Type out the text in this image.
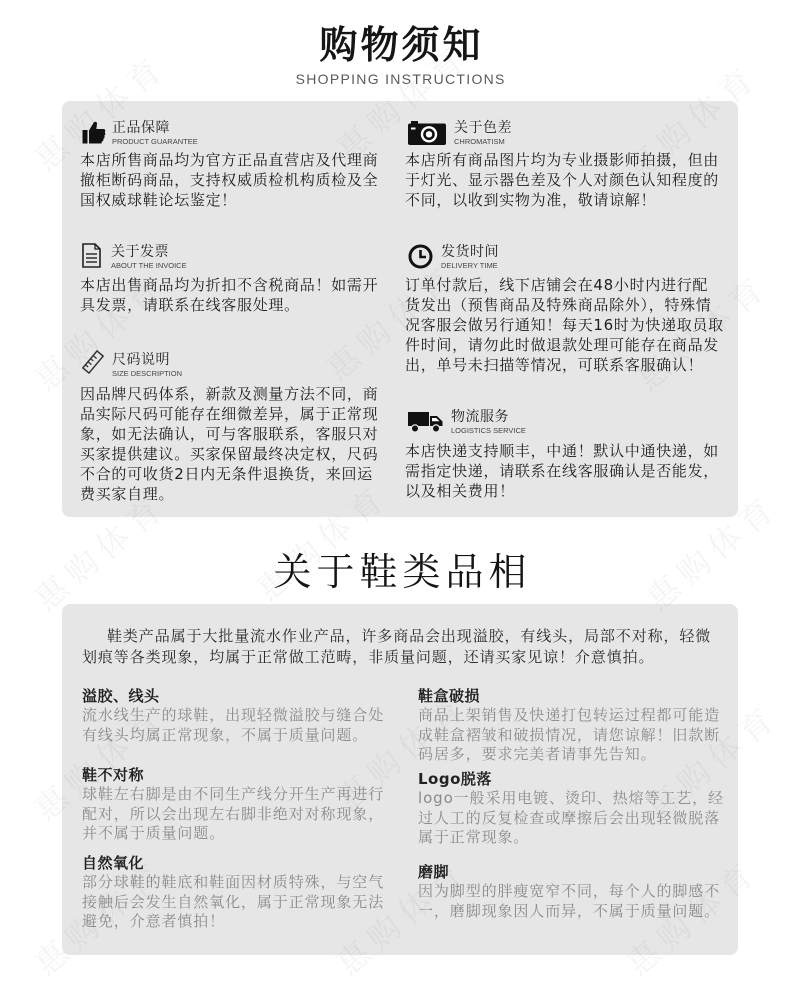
购物须知
SHOPPING INSTRUCTIONS
正品保障
PRODUCT GUARANTEE
本店所售商品均为官方正品直营店及代理商
撤柜断码商品，支持权威质检机构质检及全
国权威球鞋论坛鉴定！
关于色差
CHROMATISM
本店所有商品图片均为专业摄影师拍摄，但由
于灯光、显示器色差及个人对颜色认知程度的
不同，以收到实物为准，敬请谅解！
关于发票
ABOUT THE INVOICE
本店出售商品均为折扣不含税商品！如需开
具发票，请联系在线客服处理。
发货时间
DELIVERY TIME
订单付款后，线下店铺会在48小时内进行配
货发出（预售商品及特殊商品除外），特殊情
况客服会做另行通知！每天16时为快递取员取
件时间，请勿此时做退款处理可能存在商品发
出，单号未扫描等情况，可联系客服确认！
尺码说明
SIZE DESCRIPTION
因品牌尺码体系，新款及测量方法不同，商
品实际尺码可能存在细微差异，属于正常现
象，如无法确认，可与客服联系，客服只对
买家提供建议。买家保留最终决定权，尺码
不合的可收货2日内无条件退换货，来回运
费买家自理。
物流服务
LOGISTICS SERVICE
本店快递支持顺丰，中通！默认中通快递，如
需指定快递，请联系在线客服确认是否能发，
以及相关费用！
关于鞋类品相
鞋类产品属于大批量流水作业产品，许多商品会出现溢胶，有线头，局部不对称，轻微
划痕等各类现象，均属于正常做工范畴，非质量问题，还请买家见谅！介意慎拍。
溢胶、线头
流水线生产的球鞋，出现轻微溢胶与缝合处
有线头均属正常现象，不属于质量问题。
鞋不对称
球鞋左右脚是由不同生产线分开生产再进行
配对，所以会出现左右脚非绝对对称现象，
并不属于质量问题。
自然氧化
部分球鞋的鞋底和鞋面因材质特殊，与空气
接触后会发生自然氧化，属于正常现象无法
避免，介意者慎拍！
鞋盒破损
商品上架销售及快递打包转运过程都可能造
成鞋盒褶皱和破损情况，请您谅解！旧款断
码居多，要求完美者请事先告知。
Logo脱落
logo一般采用电镀、烫印、热熔等工艺，经
过人工的反复检查或摩擦后会出现轻微脱落
属于正常现象。
磨脚
因为脚型的胖瘦宽窄不同，每个人的脚感不
一，磨脚现象因人而异，不属于质量问题。
